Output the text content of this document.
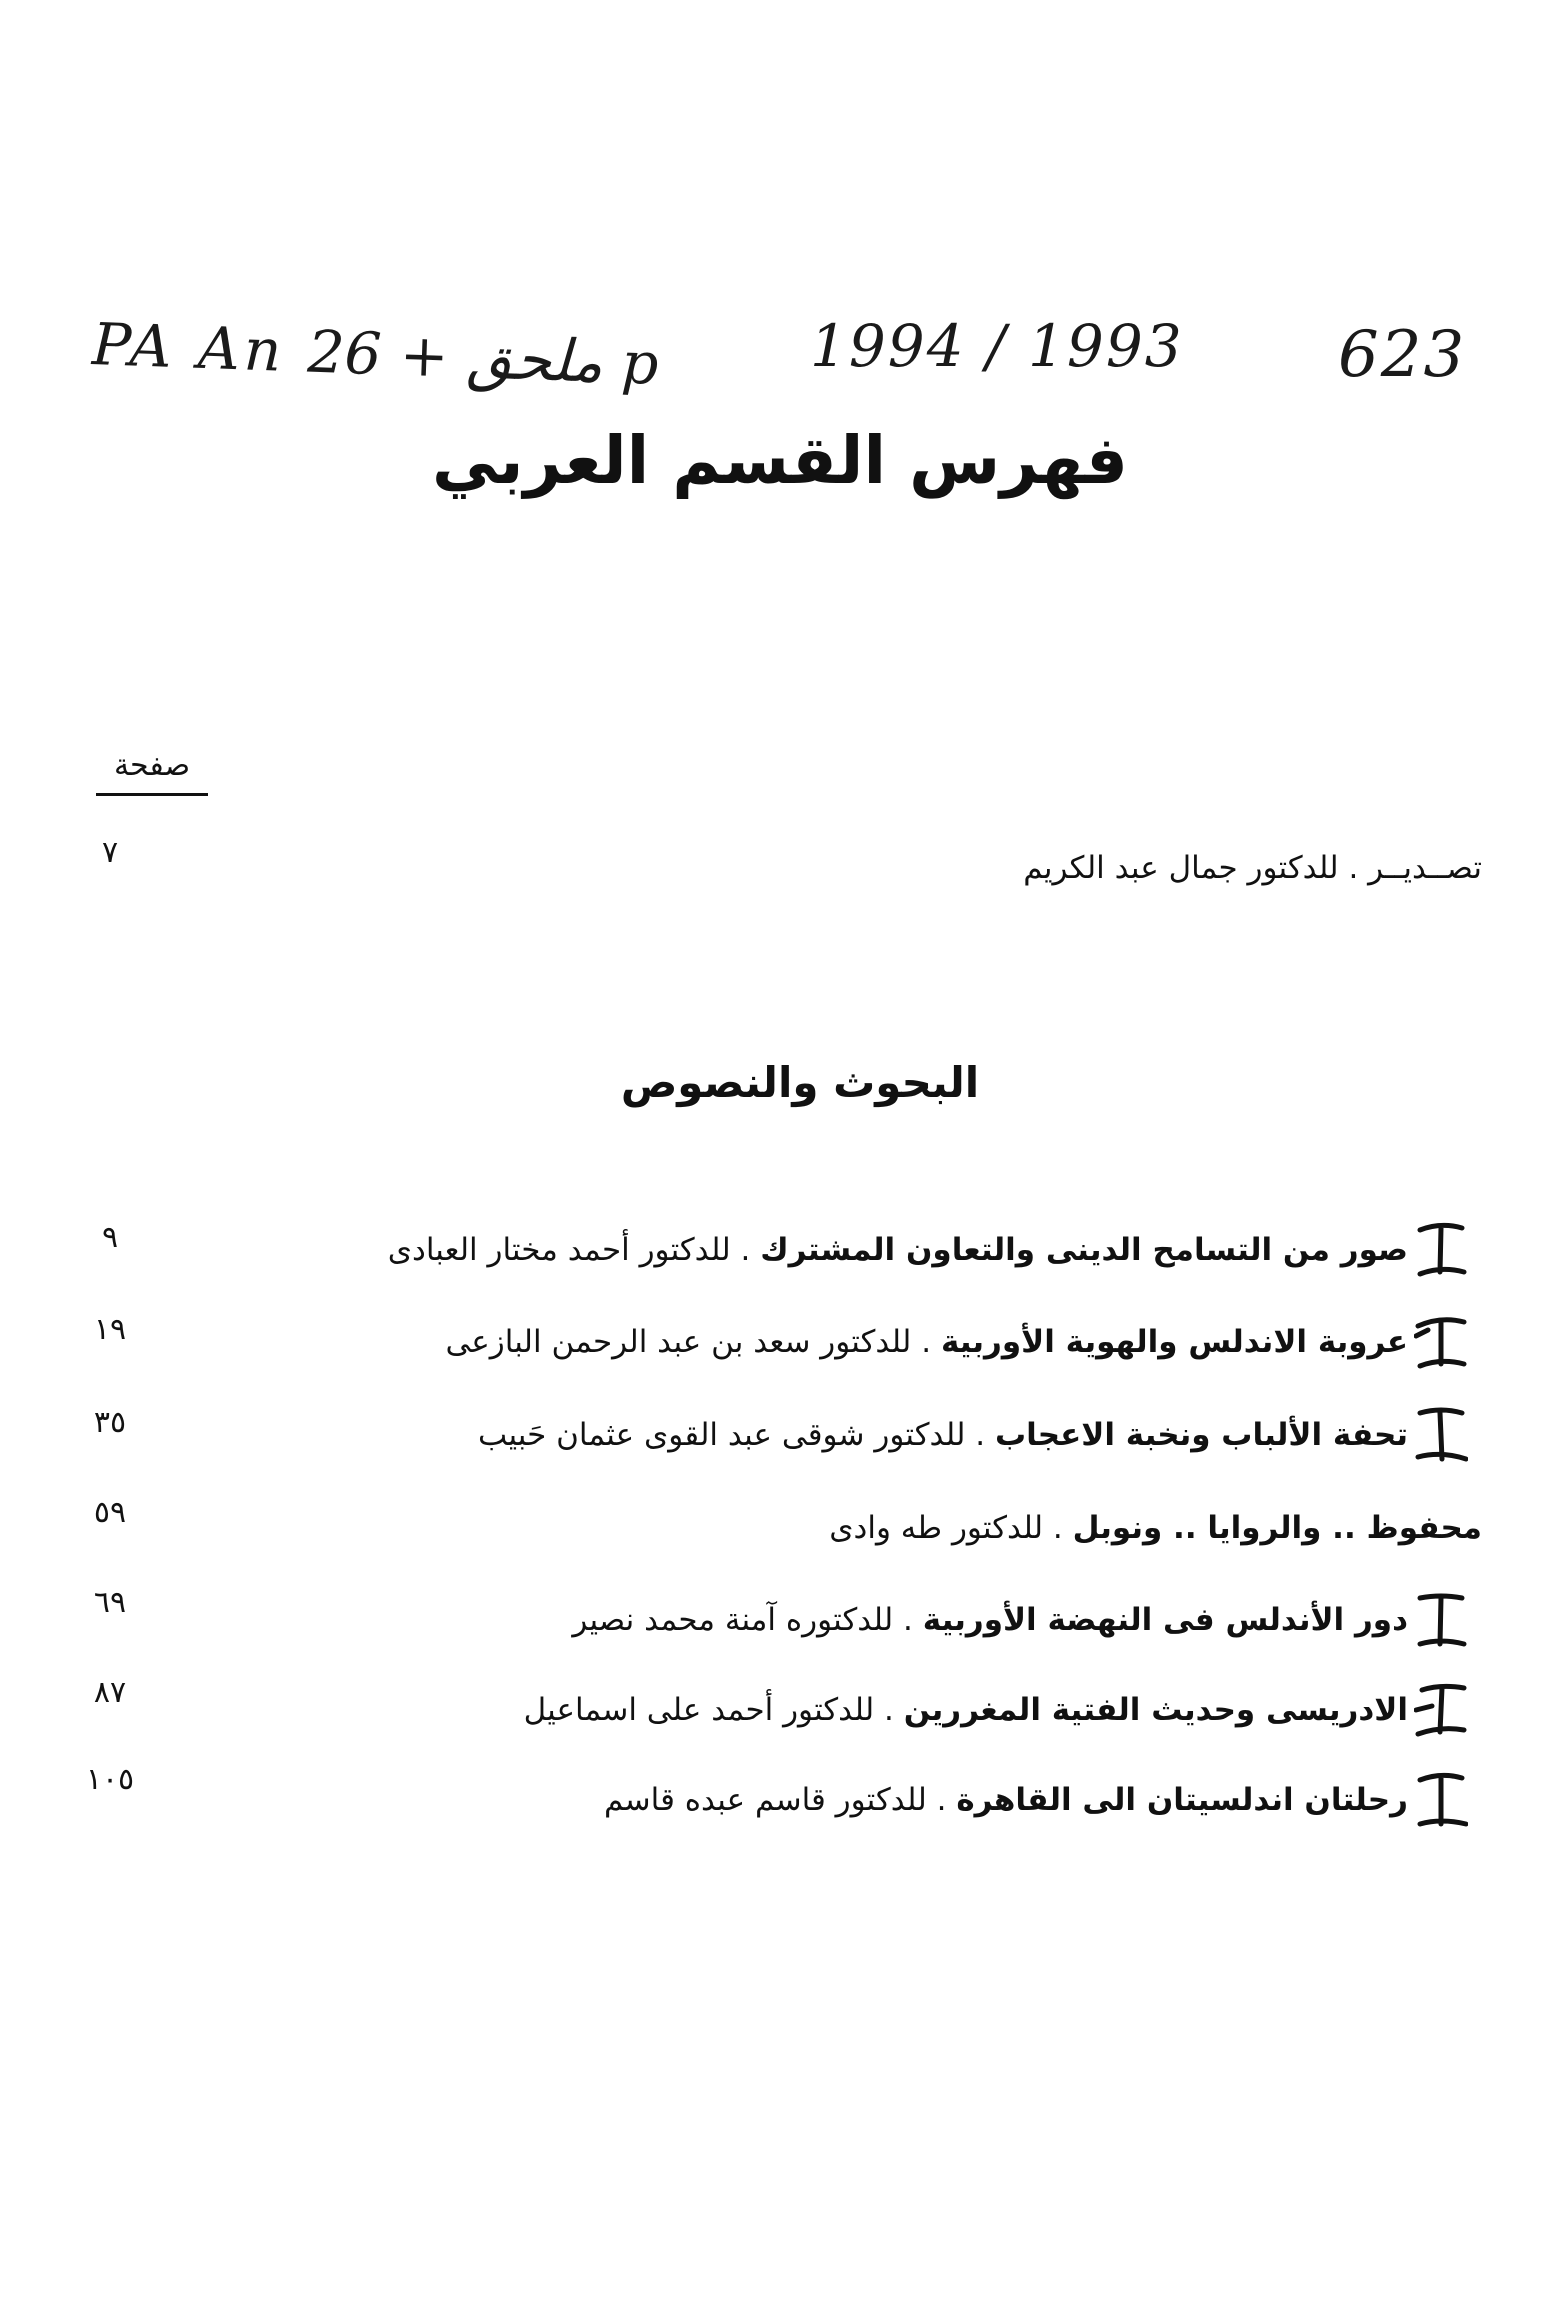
PA An ملحق + 26 p	1994 / 1993 623
فهرس القسم العربي
صفحة
تصــديــر . للدكتور جمال عبد الكريم
٧
البحوث والنصوص
صور من التسامح الدينى والتعاون المشترك . للدكتور أحمد مختار العبادى
٩
عروبة الاندلس والهوية الأوربية . للدكتور سعد بن عبد الرحمن البازعى
١٩
تحفة الألباب ونخبة الاعجاب . للدكتور شوقى عبد القوى عثمان حَبيب
٣٥
محفوظ .. والروايا .. ونوبل . للدكتور طه وادى
٥٩
دور الأندلس فى النهضة الأوربية . للدكتوره آمنة محمد نصير
٦٩
الادريسى وحديث الفتية المغررين . للدكتور أحمد على اسماعيل
٨٧
رحلتان اندلسيتان الى القاهرة . للدكتور قاسم عبده قاسم
١٠٥
